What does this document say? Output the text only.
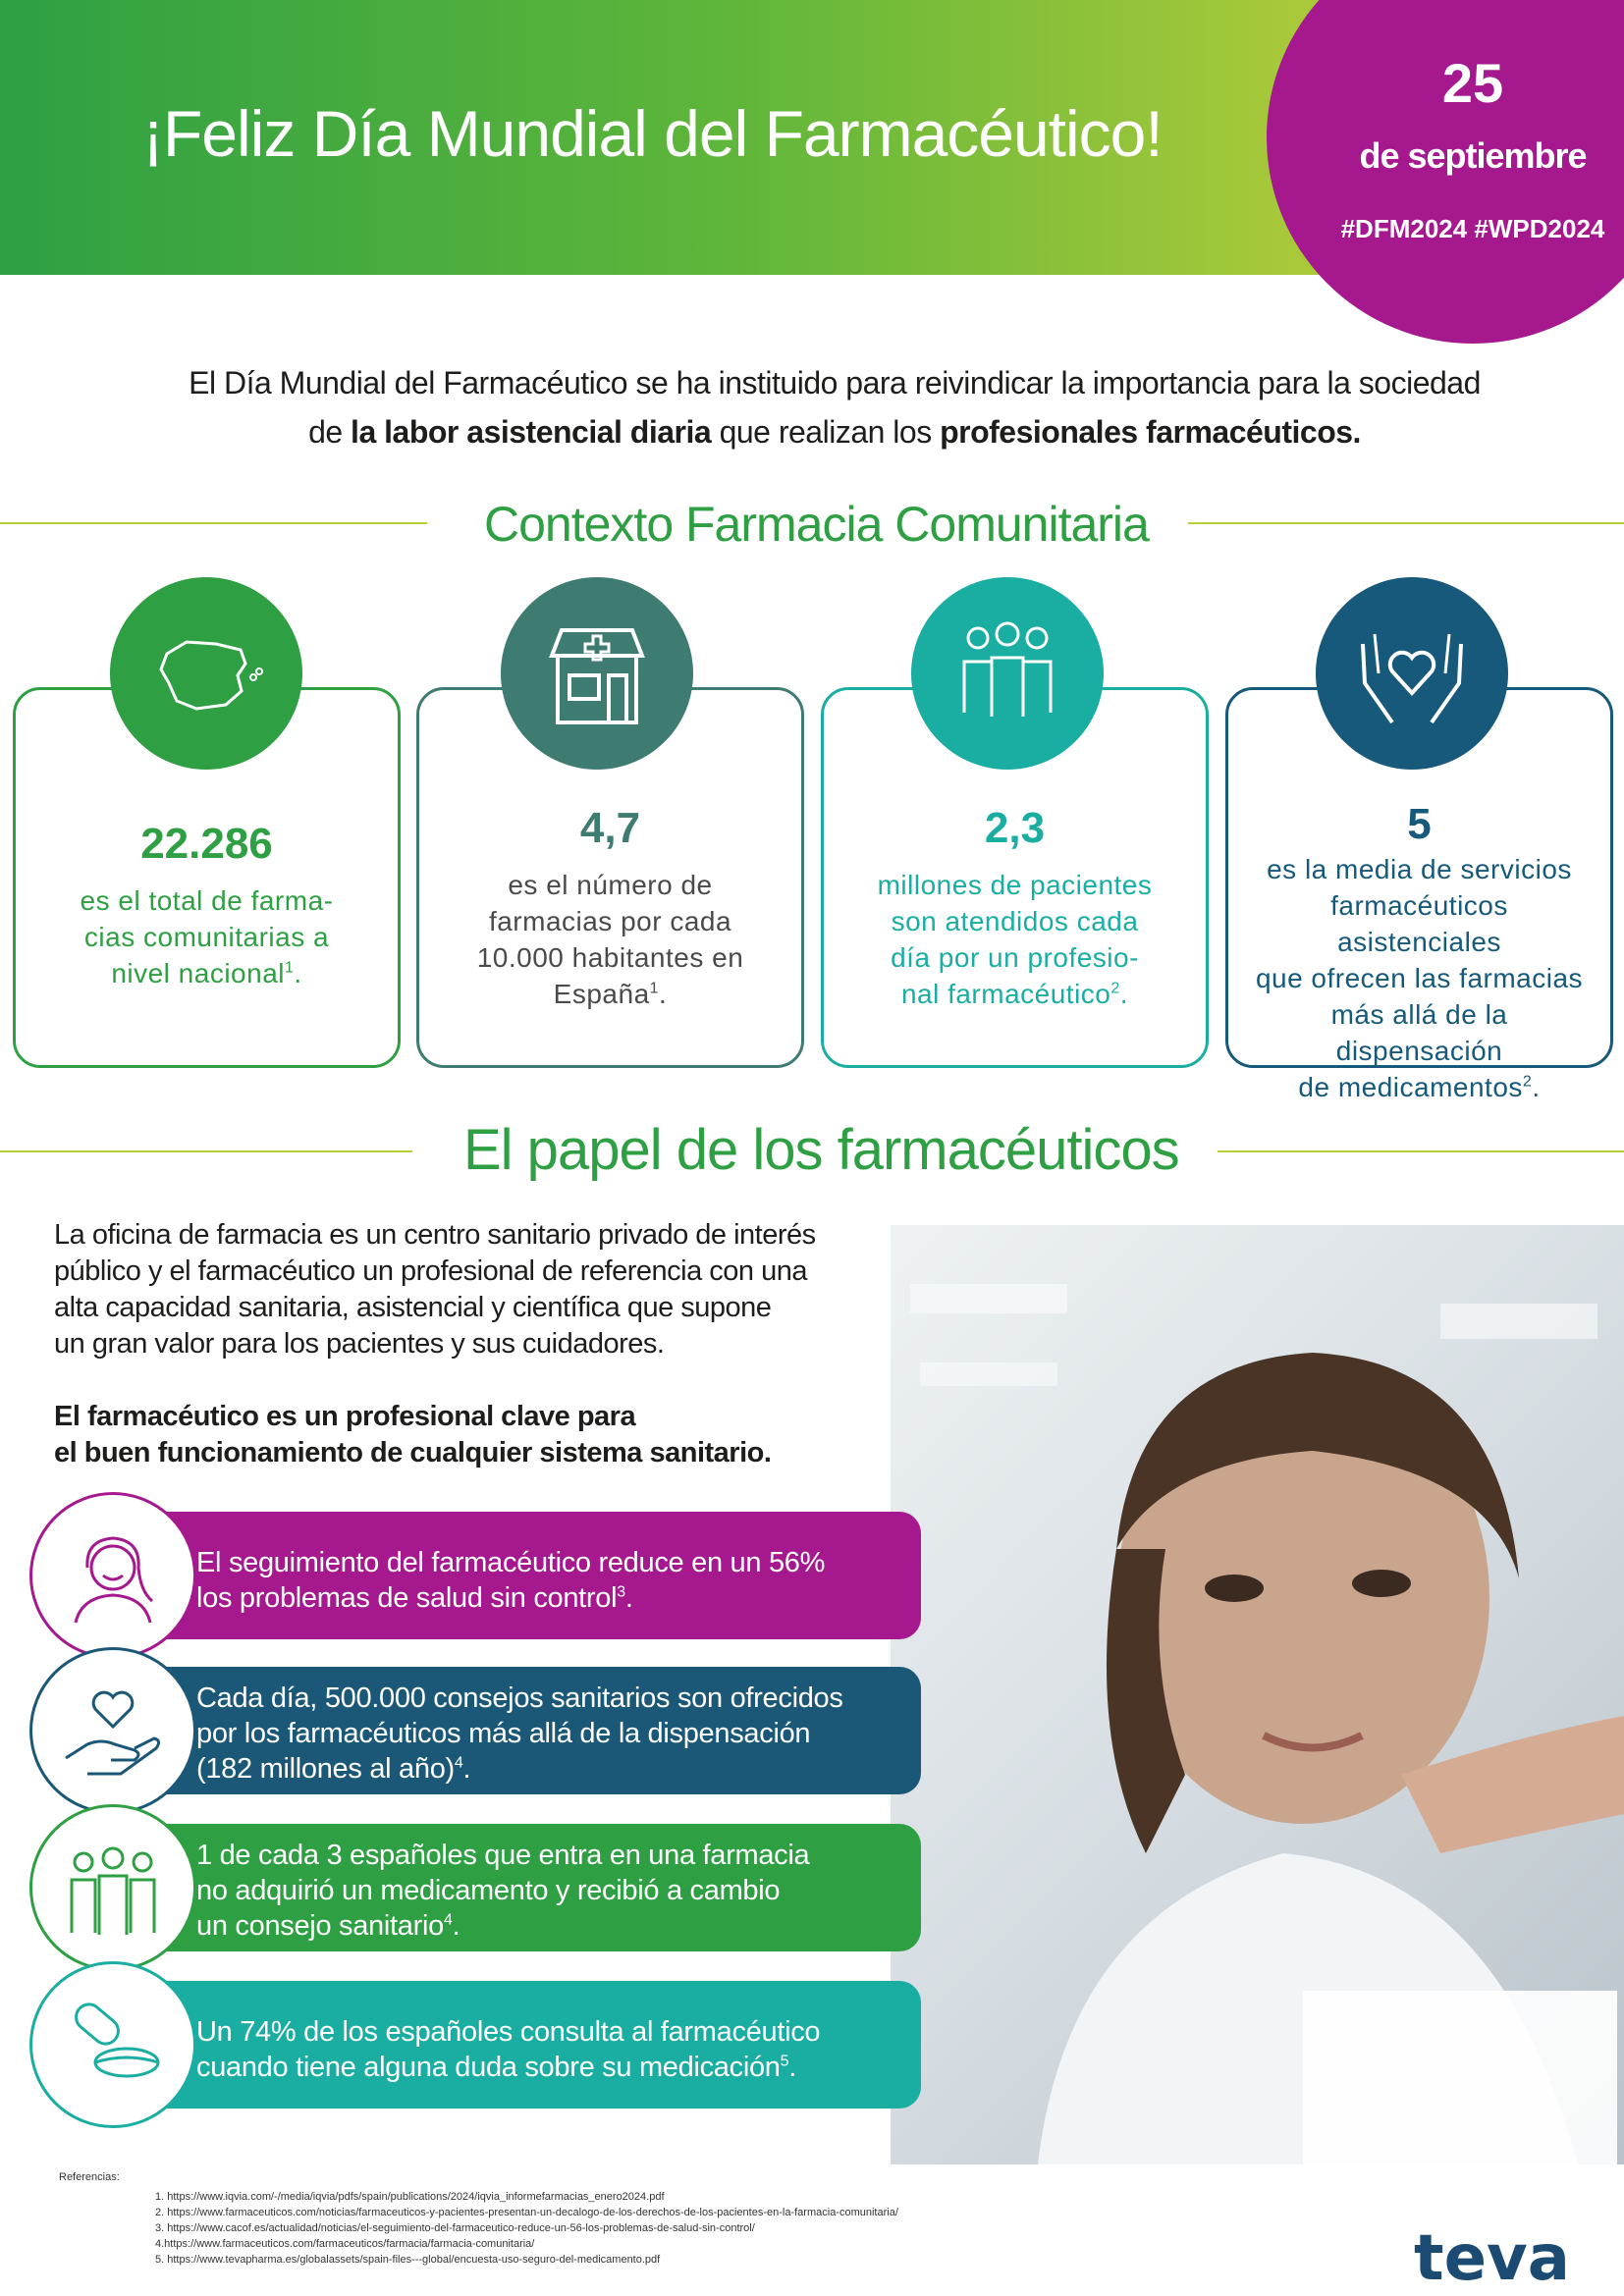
¡Feliz Día Mundial del Farmacéutico!
25
de septiembre
#DFM2024 #WPD2024
El Día Mundial del Farmacéutico se ha instituido para reivindicar la importancia para la sociedad
de la labor asistencial diaria que realizan los profesionales farmacéuticos.
Contexto Farmacia Comunitaria
22.286
es el total de farma-
cias comunitarias a
nivel nacional$^1$.

4,7
es el número de
farmacias por cada
10.000 habitantes en
España$^1$.

2,3
millones de pacientes
son atendidos cada
día por un profesio-
nal farmacéutico$^2$.

5
es la media de servicios
farmacéuticos asistenciales
que ofrecen las farmacias
más allá de la dispensación
de medicamentos$^2$.

El papel de los farmacéuticos
La oficina de farmacia es un centro sanitario privado de interés
público y el farmacéutico un profesional de referencia con una
alta capacidad sanitaria, asistencial y científica que supone
un gran valor para los pacientes y sus cuidadores.
El farmacéutico es un profesional clave para
el buen funcionamiento de cualquier sistema sanitario.
El seguimiento del farmacéutico reduce en un 56%
los problemas de salud sin control$^3$.

Cada día, 500.000 consejos sanitarios son ofrecidos
por los farmacéuticos más allá de la dispensación
(182 millones al año)$^4$.

1 de cada 3 españoles que entra en una farmacia
no adquirió un medicamento y recibió a cambio
un consejo sanitario$^4$.

Un 74% de los españoles consulta al farmacéutico
cuando tiene alguna duda sobre su medicación$^5$.

Referencias:
1. https://www.iqvia.com/-/media/iqvia/pdfs/spain/publications/2024/iqvia_informefarmacias_enero2024.pdf
2. https://www.farmaceuticos.com/noticias/farmaceuticos-y-pacientes-presentan-un-decalogo-de-los-derechos-de-los-pacientes-en-la-farmacia-comunitaria/
3. https://www.cacof.es/actualidad/noticias/el-seguimiento-del-farmaceutico-reduce-un-56-los-problemas-de-salud-sin-control/
4.https://www.farmaceuticos.com/farmaceuticos/farmacia/farmacia-comunitaria/
5. https://www.tevapharma.es/globalassets/spain-files---global/encuesta-uso-seguro-del-medicamento.pdf	teva
